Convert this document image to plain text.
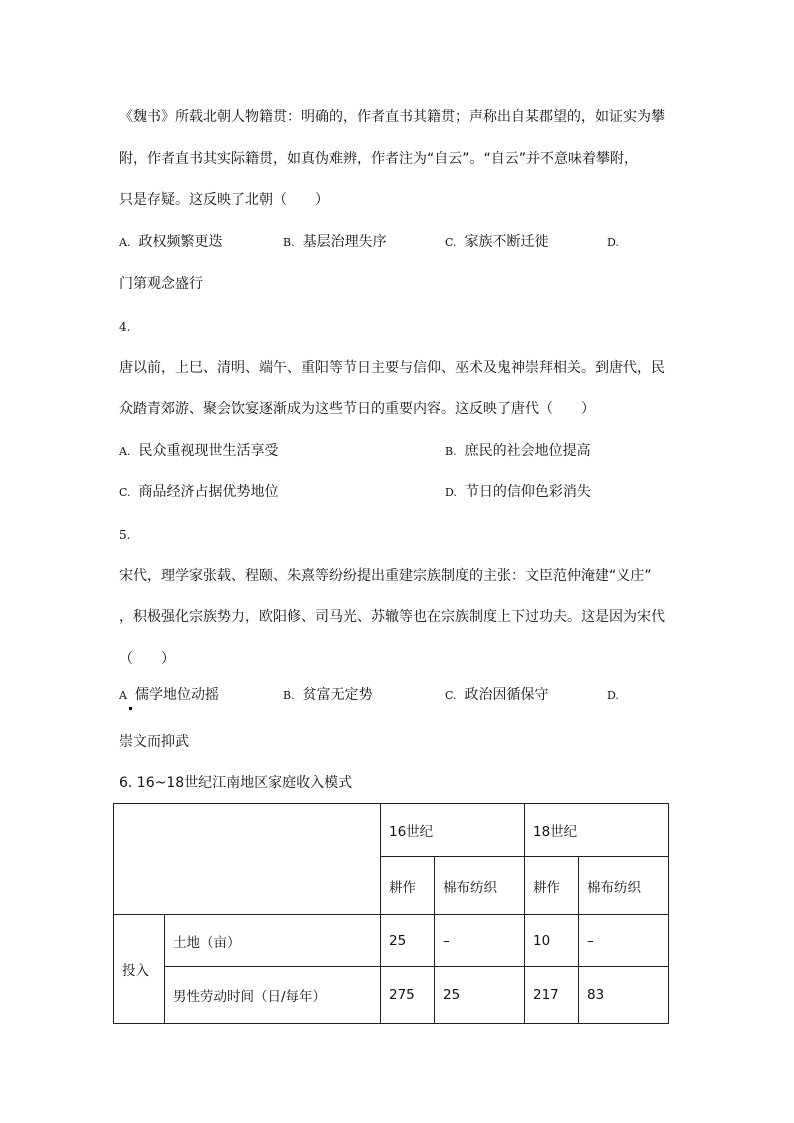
《魏书》所载北朝人物籍贯：明确的，作者直书其籍贯；声称出自某郡望的，如证实为攀
附，作者直书其实际籍贯，如真伪难辨，作者注为“自云”。“自云”并不意味着攀附，
只是存疑。这反映了北朝（　　）
A. 政权频繁更迭	B. 基层治理失序	C. 家族不断迁徙	D.
门第观念盛行
4.
唐以前，上巳、清明、端午、重阳等节日主要与信仰、巫术及鬼神崇拜相关。到唐代，民
众踏青郊游、聚会饮宴逐渐成为这些节日的重要内容。这反映了唐代（　　）
A. 民众重视现世生活享受	B. 庶民的社会地位提高
C. 商品经济占据优势地位	D. 节日的信仰色彩消失
5.
宋代，理学家张载、程颐、朱熹等纷纷提出重建宗族制度的主张：文臣范仲淹建“义庄”
，积极强化宗族势力，欧阳修、司马光、苏辙等也在宗族制度上下过功夫。这是因为宋代
（　　）
A 儒学地位动摇	B. 贫富无定势	C. 政治因循保守	D.
崇文而抑武
6. 16~18世纪江南地区家庭收入模式
		16世纪		18世纪	
		耕作	棉布纺织	耕作	棉布纺织
投入	土地（亩）	25	–	10	–
	男性劳动时间（日/每年）	275	25	217	83
